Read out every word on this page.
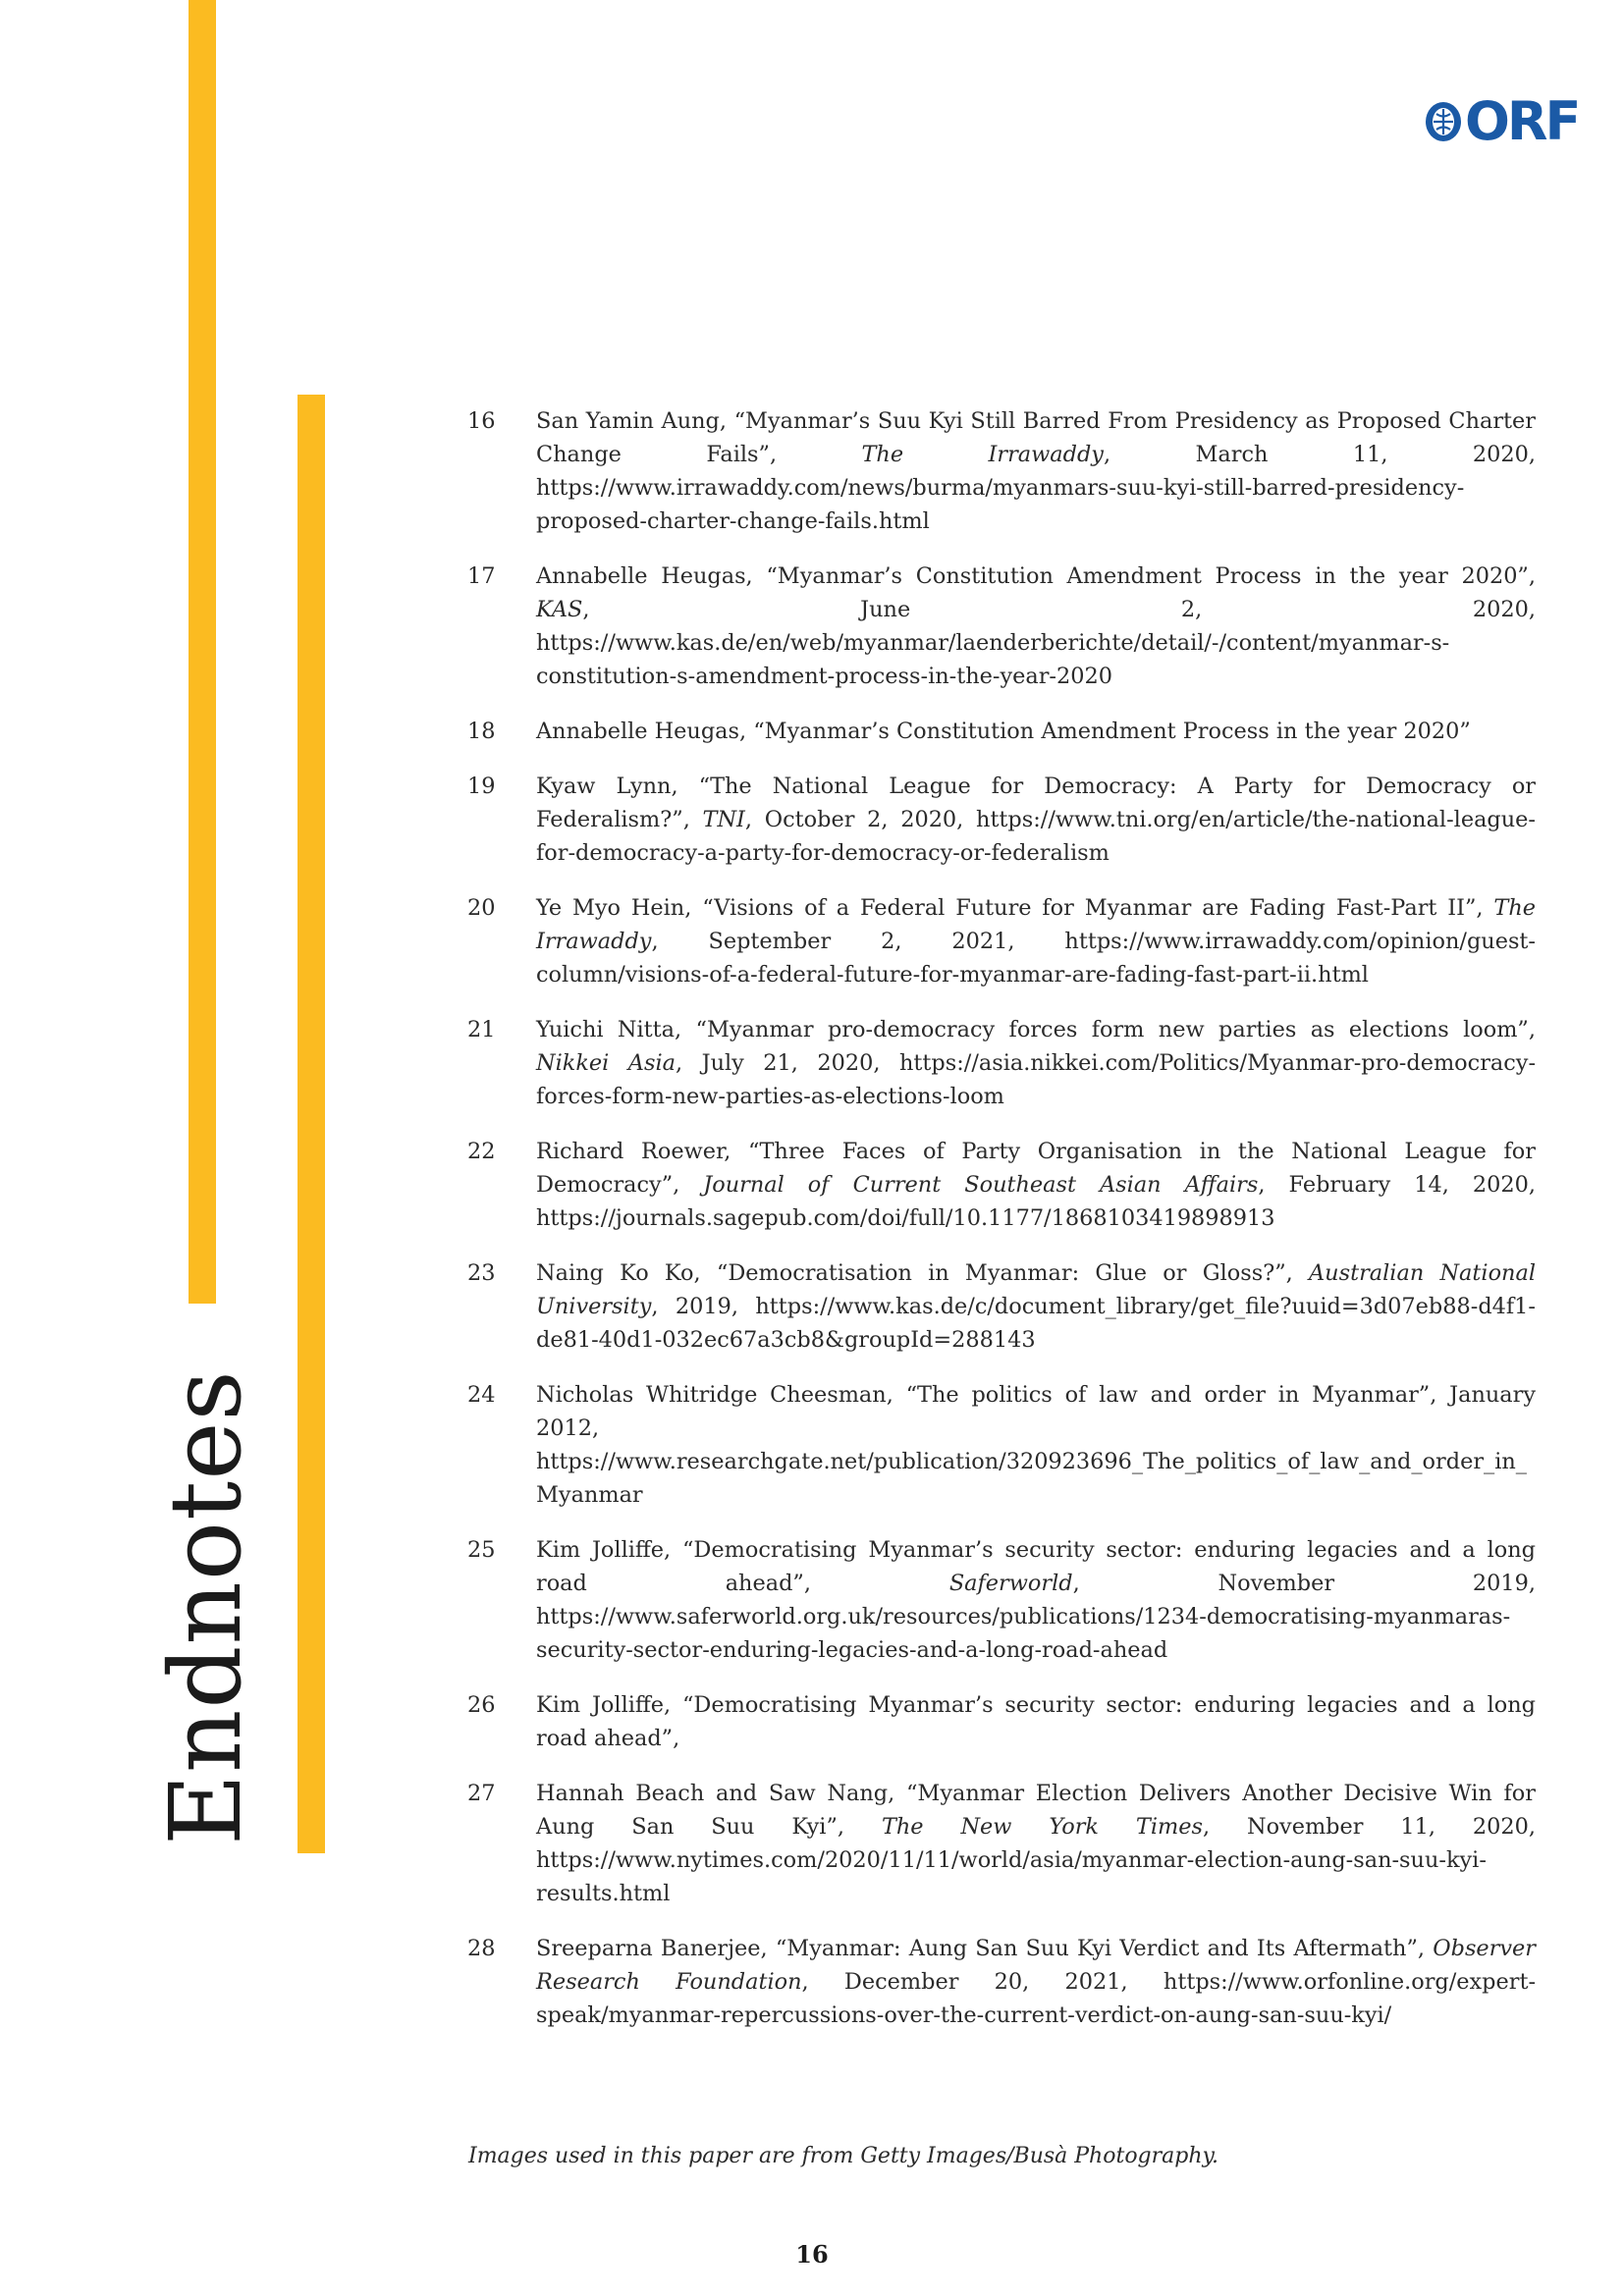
Endnotes
ORF
16	San Yamin Aung, “Myanmar’s Suu Kyi Still Barred From Presidency as Proposed Charter Change Fails”, The Irrawaddy, March 11, 2020, https://www.irrawaddy.com/news/burma/myanmars-suu-kyi-still-barred-presidency-proposed-charter-change-fails.html
17	Annabelle Heugas, “Myanmar’s Constitution Amendment Process in the year 2020”, KAS, June 2, 2020, https://www.kas.de/en/web/myanmar/laenderberichte/detail/-/content/myanmar-s-constitution-s-amendment-process-in-the-year-2020
18	Annabelle Heugas, “Myanmar’s Constitution Amendment Process in the year 2020”
19	Kyaw Lynn, “The National League for Democracy: A Party for Democracy or Federalism?”, TNI, October 2, 2020, https://www.tni.org/en/article/the-national-league-for-democracy-a-party-for-democracy-or-federalism
20	Ye Myo Hein, “Visions of a Federal Future for Myanmar are Fading Fast-Part II”, The Irrawaddy, September 2, 2021, https://www.irrawaddy.com/opinion/guest-column/visions-of-a-federal-future-for-myanmar-are-fading-fast-part-ii.html
21	Yuichi Nitta, “Myanmar pro-democracy forces form new parties as elections loom”, Nikkei Asia, July 21, 2020, https://asia.nikkei.com/Politics/Myanmar-pro-democracy-forces-form-new-parties-as-elections-loom
22	Richard Roewer, “Three Faces of Party Organisation in the National League for Democracy”, Journal of Current Southeast Asian Affairs, February 14, 2020, https://journals.sagepub.com/doi/full/10.1177/1868103419898913
23	Naing Ko Ko, “Democratisation in Myanmar: Glue or Gloss?”, Australian National University, 2019, https://www.kas.de/c/document_library/get_file?uuid=3d07eb88-d4f1-de81-40d1-032ec67a3cb8&groupId=288143
24	Nicholas Whitridge Cheesman, “The politics of law and order in Myanmar”, January 2012, https://www.researchgate.net/publication/320923696_The_politics_of_law_and_order_in_Myanmar
25	Kim Jolliffe, “Democratising Myanmar’s security sector: enduring legacies and a long road ahead”, Saferworld, November 2019, https://www.saferworld.org.uk/resources/publications/1234-democratising-myanmaras-security-sector-enduring-legacies-and-a-long-road-ahead
26	Kim Jolliffe, “Democratising Myanmar’s security sector: enduring legacies and a long road ahead”,
27	Hannah Beach and Saw Nang, “Myanmar Election Delivers Another Decisive Win for Aung San Suu Kyi”, The New York Times, November 11, 2020, https://www.nytimes.com/2020/11/11/world/asia/myanmar-election-aung-san-suu-kyi-results.html
28	Sreeparna Banerjee, “Myanmar: Aung San Suu Kyi Verdict and Its Aftermath”, Observer Research Foundation, December 20, 2021, https://www.orfonline.org/expert-speak/myanmar-repercussions-over-the-current-verdict-on-aung-san-suu-kyi/
Images used in this paper are from Getty Images/Busà Photography.
16
